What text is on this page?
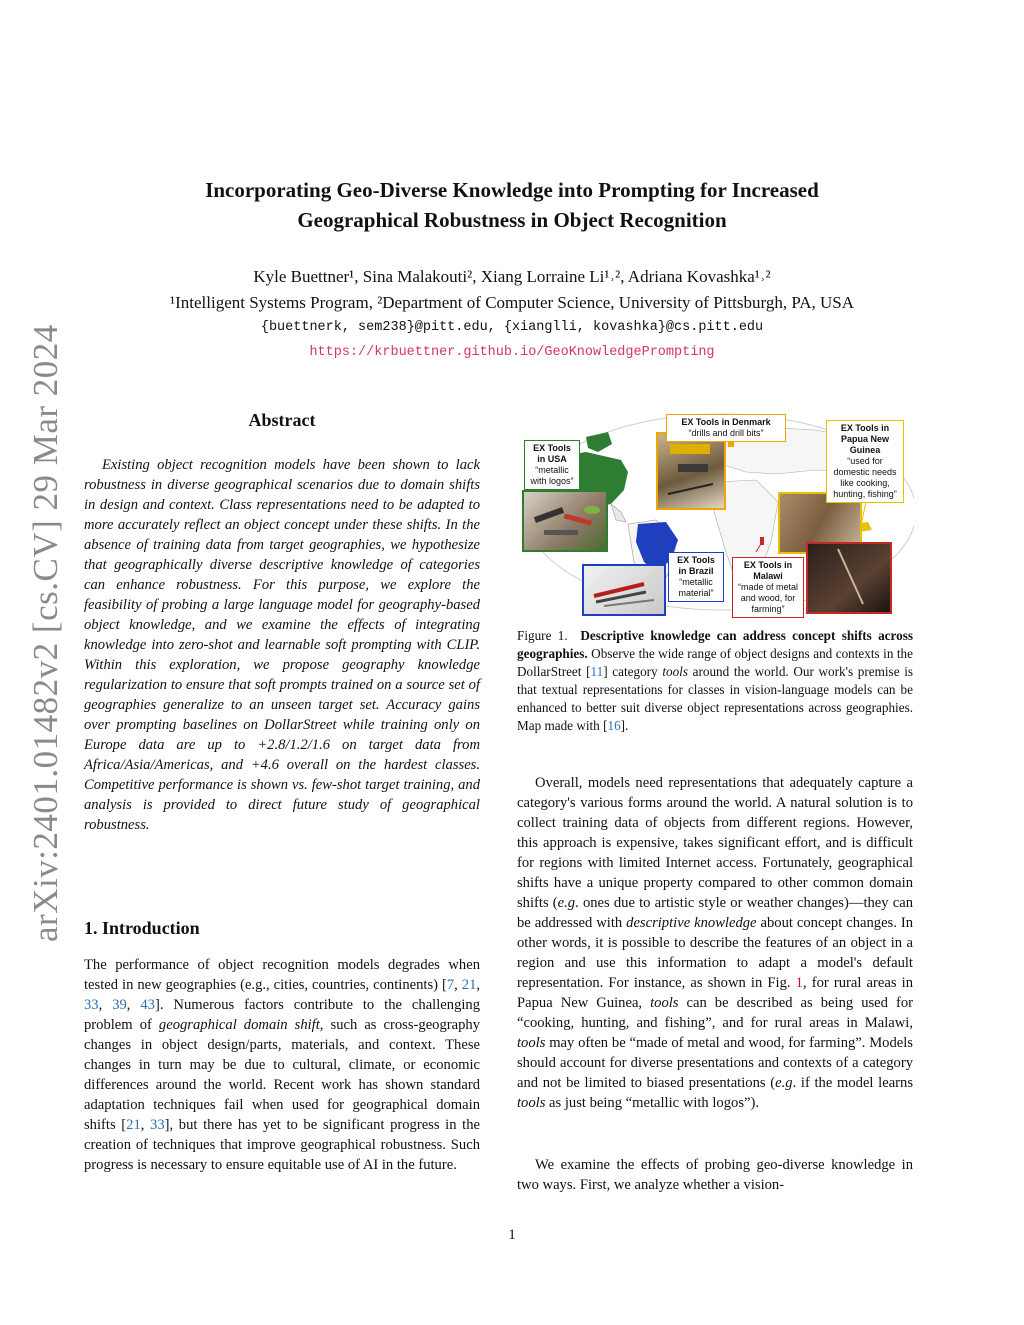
arXiv:2401.01482v2 [cs.CV] 29 Mar 2024
Incorporating Geo-Diverse Knowledge into Prompting for Increased
Geographical Robustness in Object Recognition
Kyle Buettner¹, Sina Malakouti², Xiang Lorraine Li¹˒², Adriana Kovashka¹˒²
¹Intelligent Systems Program, ²Department of Computer Science, University of Pittsburgh, PA, USA
{buettnerk, sem238}@pitt.edu, {xianglli, kovashka}@cs.pitt.edu
https://krbuettner.github.io/GeoKnowledgePrompting
Abstract
Existing object recognition models have been shown to lack robustness in diverse geographical scenarios due to domain shifts in design and context. Class representations need to be adapted to more accurately reflect an object concept under these shifts. In the absence of training data from target geographies, we hypothesize that geographically diverse descriptive knowledge of categories can enhance robustness. For this purpose, we explore the feasibility of probing a large language model for geography-based object knowledge, and we examine the effects of integrating knowledge into zero-shot and learnable soft prompting with CLIP. Within this exploration, we propose geography knowledge regularization to ensure that soft prompts trained on a source set of geographies generalize to an unseen target set. Accuracy gains over prompting baselines on DollarStreet while training only on Europe data are up to +2.8/1.2/1.6 on target data from Africa/Asia/Americas, and +4.6 overall on the hardest classes. Competitive performance is shown vs. few-shot target training, and analysis is provided to direct future study of geographical robustness.
1. Introduction
The performance of object recognition models degrades when tested in new geographies (e.g., cities, countries, continents) [7, 21, 33, 39, 43]. Numerous factors contribute to the challenging problem of geographical domain shift, such as cross-geography changes in object design/parts, materials, and context. These changes in turn may be due to cultural, climate, or economic differences around the world. Recent work has shown standard adaptation techniques fail when used for geographical domain shifts [21, 33], but there has yet to be significant progress in the creation of techniques that improve geographical robustness. Such progress is necessary to ensure equitable use of AI in the future.
EX Tools in USA
“metallic with logos”
EX Tools in Denmark
“drills and drill bits”	EX Tools in Papua New Guinea
“used for domestic needs like cooking, hunting, fishing”
EX Tools in Brazil
“metallic material”
EX Tools in Malawi
“made of metal and wood, for farming”
Figure 1. Descriptive knowledge can address concept shifts across geographies. Observe the wide range of object designs and contexts in the DollarStreet [11] category tools around the world. Our work's premise is that textual representations for classes in vision-language models can be enhanced to better suit diverse object representations across geographies. Map made with [16].
Overall, models need representations that adequately capture a category's various forms around the world. A natural solution is to collect training data of objects from different regions. However, this approach is expensive, takes significant effort, and is difficult for regions with limited Internet access. Fortunately, geographical shifts have a unique property compared to other common domain shifts (e.g. ones due to artistic style or weather changes)—they can be addressed with descriptive knowledge about concept changes. In other words, it is possible to describe the features of an object in a region and use this information to adapt a model's default representation. For instance, as shown in Fig. 1, for rural areas in Papua New Guinea, tools can be described as being used for “cooking, hunting, and fishing”, and for rural areas in Malawi, tools may often be “made of metal and wood, for farming”. Models should account for diverse presentations and contexts of a category and not be limited to biased presentations (e.g. if the model learns tools as just being “metallic with logos”).
We examine the effects of probing geo-diverse knowledge in two ways. First, we analyze whether a vision-
1
